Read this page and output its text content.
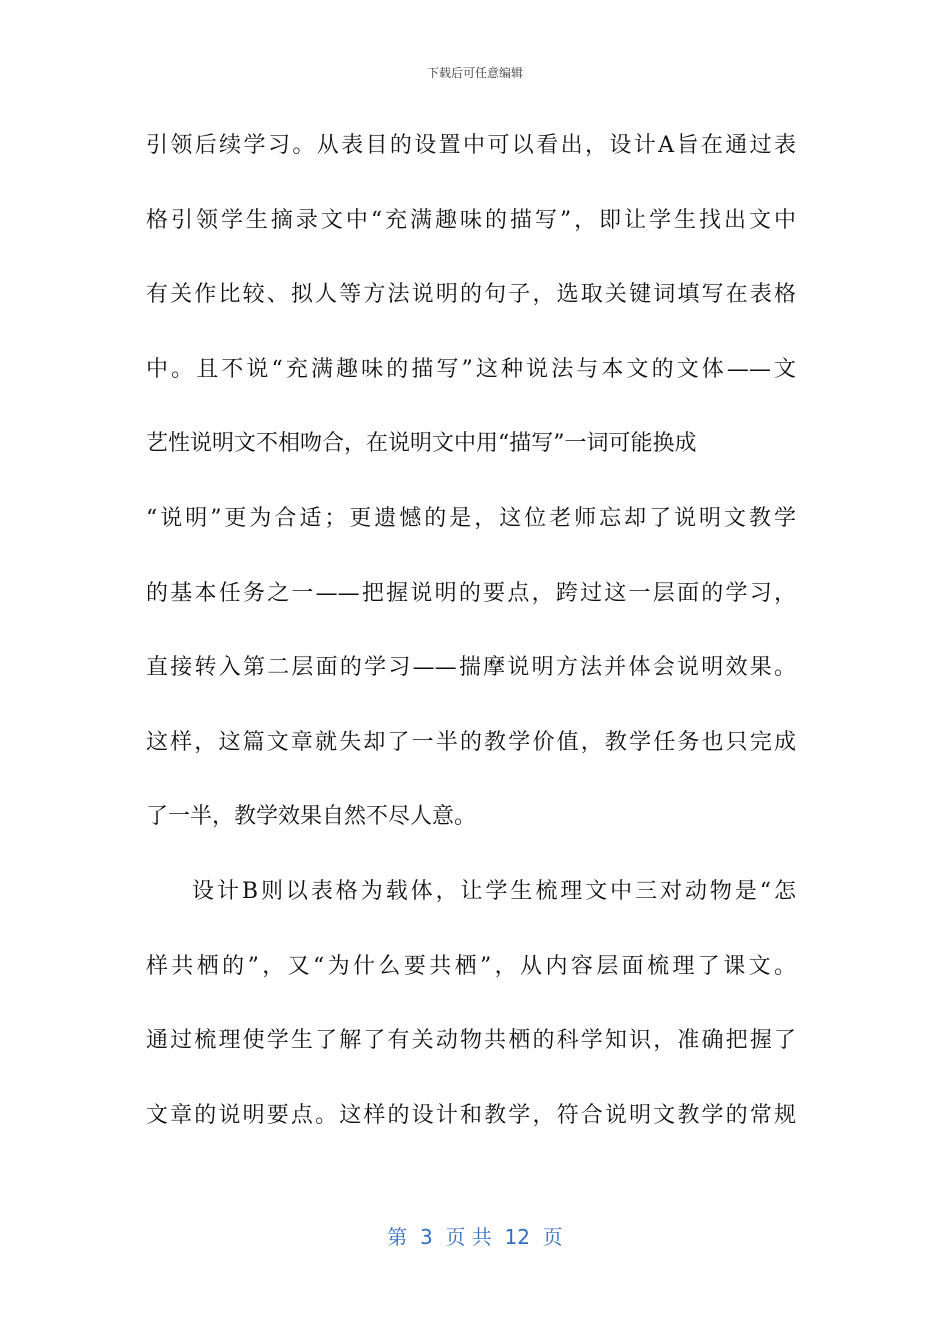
下载后可任意编辑
引领后续学习。从表目的设置中可以看出，设计A旨在通过表
格引领学生摘录文中“充满趣味的描写”，即让学生找出文中
有关作比较、拟人等方法说明的句子，选取关键词填写在表格
中。且不说“充满趣味的描写”这种说法与本文的文体——文
艺性说明文不相吻合，在说明文中用“描写”一词可能换成
“说明”更为合适；更遗憾的是，这位老师忘却了说明文教学
的基本任务之一——把握说明的要点，跨过这一层面的学习，
直接转入第二层面的学习——揣摩说明方法并体会说明效果。
这样，这篇文章就失却了一半的教学价值，教学任务也只完成
了一半，教学效果自然不尽人意。
设计B则以表格为载体，让学生梳理文中三对动物是“怎
样共栖的”，又“为什么要共栖”，从内容层面梳理了课文。
通过梳理使学生了解了有关动物共栖的科学知识，准确把握了
文章的说明要点。这样的设计和教学，符合说明文教学的常规
第  3  页 共  12  页
